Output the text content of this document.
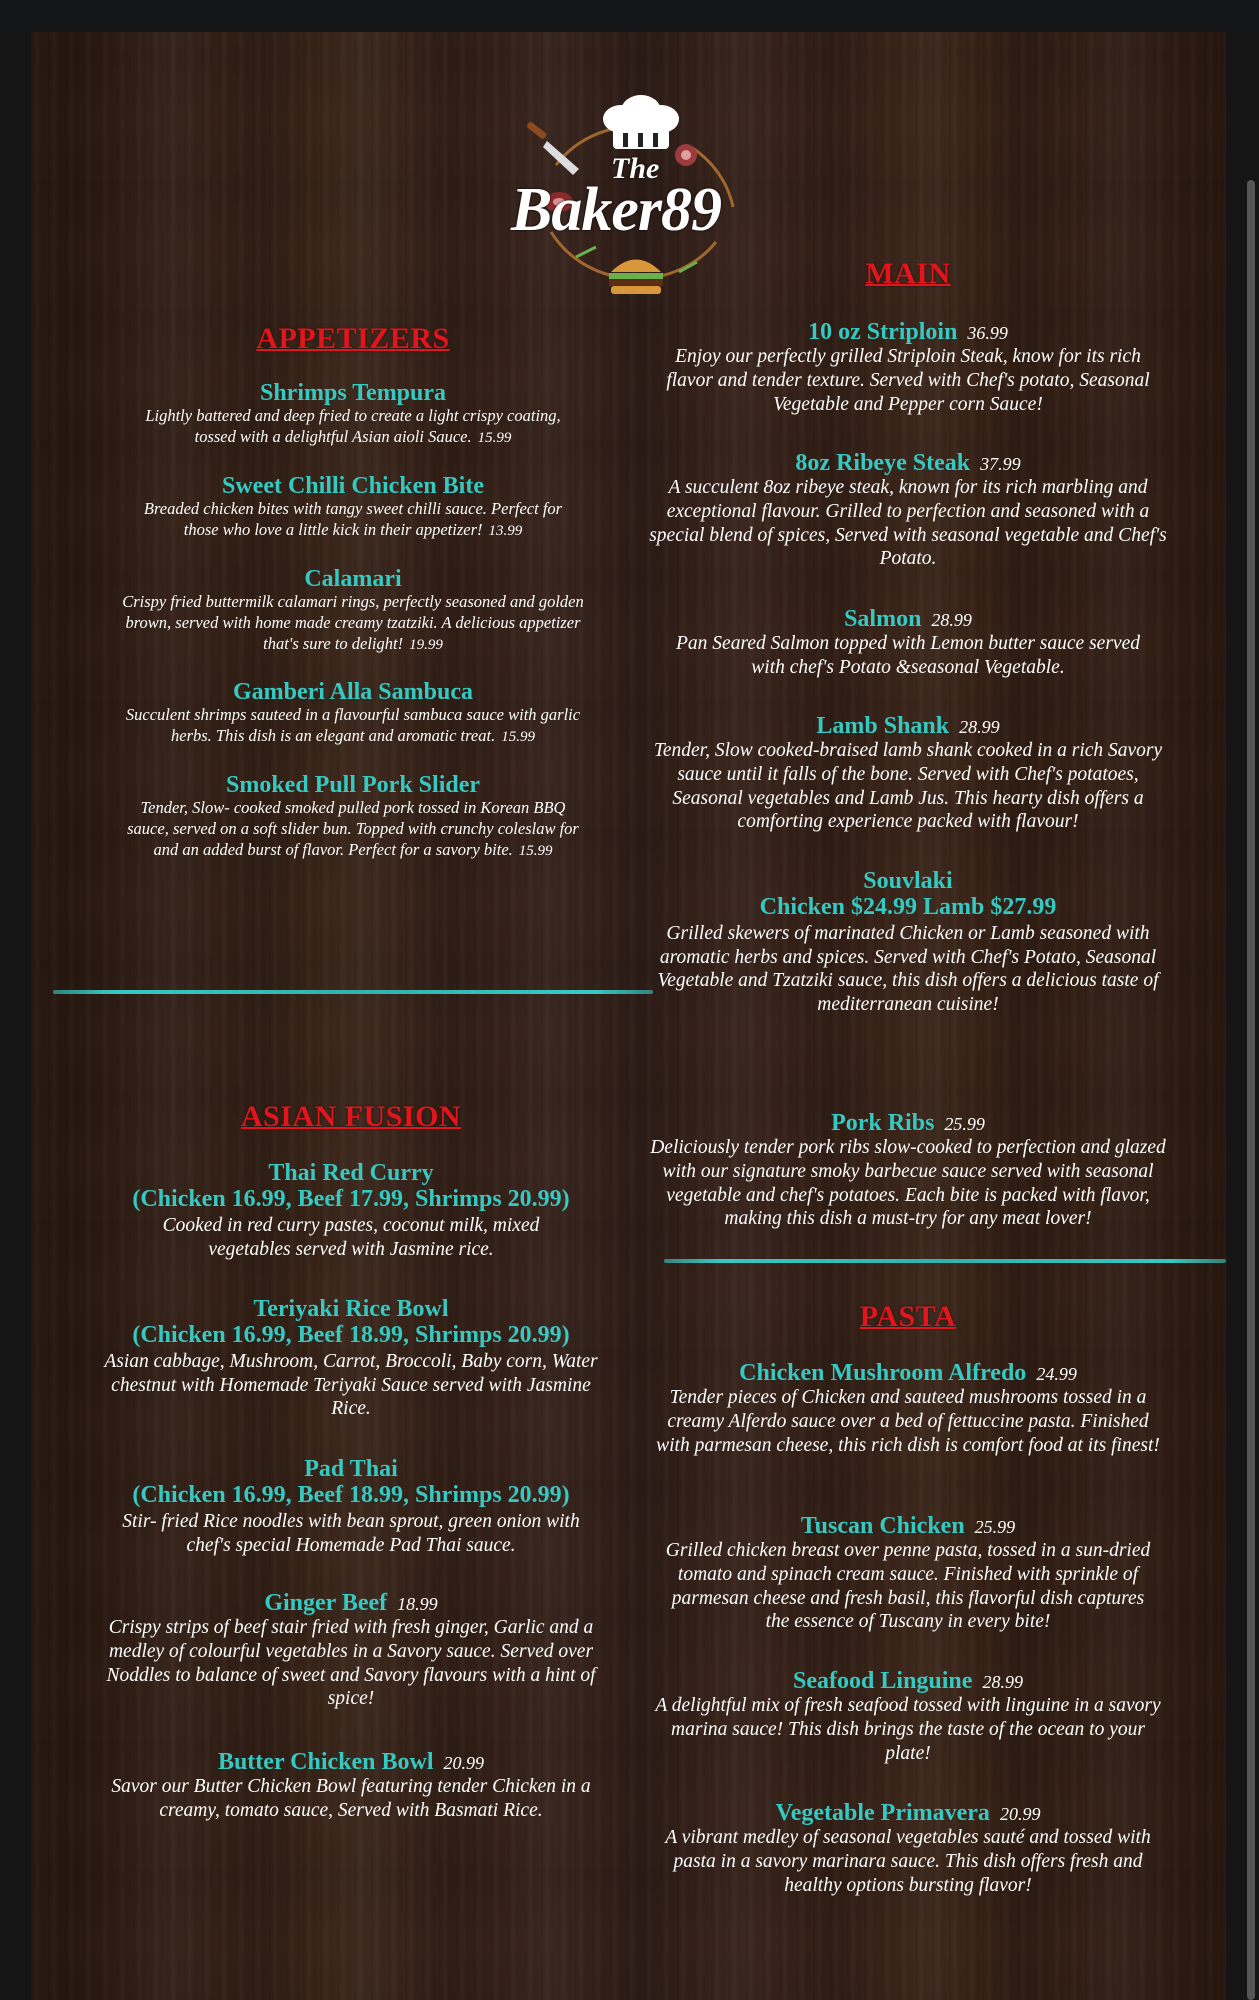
The
Baker89
APPETIZERS
Shrimps Tempura
Lightly battered and deep fried to create a light crispy coating, tossed with a delightful Asian aioli Sauce. 15.99
Sweet Chilli Chicken Bite
Breaded chicken bites with tangy sweet chilli sauce. Perfect for those who love a little kick in their appetizer! 13.99
Calamari
Crispy fried buttermilk calamari rings, perfectly seasoned and golden brown, served with home made creamy tzatziki. A delicious appetizer that's sure to delight! 19.99
Gamberi Alla Sambuca
Succulent shrimps sauteed in a flavourful sambuca sauce with garlic herbs. This dish is an elegant and aromatic treat. 15.99
Smoked Pull Pork Slider
Tender, Slow- cooked smoked pulled pork tossed in Korean BBQ sauce, served on a soft slider bun. Topped with crunchy coleslaw for and an added burst of flavor. Perfect for a savory bite. 15.99
ASIAN FUSION
Thai Red Curry
(Chicken 16.99, Beef 17.99, Shrimps 20.99)
Cooked in red curry pastes, coconut milk, mixed vegetables served with Jasmine rice.
Teriyaki Rice Bowl
(Chicken 16.99, Beef 18.99, Shrimps 20.99)
Asian cabbage, Mushroom, Carrot, Broccoli, Baby corn, Water chestnut with Homemade Teriyaki Sauce served with Jasmine Rice.
Pad Thai
(Chicken 16.99, Beef 18.99, Shrimps 20.99)
Stir- fried Rice noodles with bean sprout, green onion with chef's special Homemade Pad Thai sauce.
Ginger Beef 18.99
Crispy strips of beef stair fried with fresh ginger, Garlic and a medley of colourful vegetables in a Savory sauce. Served over Noddles to balance of sweet and Savory flavours with a hint of spice!
Butter Chicken Bowl 20.99
Savor our Butter Chicken Bowl featuring tender Chicken in a creamy, tomato sauce, Served with Basmati Rice.
MAIN
10 oz Striploin 36.99
Enjoy our perfectly grilled Striploin Steak, know for its rich flavor and tender texture. Served with Chef's potato, Seasonal Vegetable and Pepper corn Sauce!
8oz Ribeye Steak 37.99
A succulent 8oz ribeye steak, known for its rich marbling and exceptional flavour. Grilled to perfection and seasoned with a special blend of spices, Served with seasonal vegetable and Chef's Potato.
Salmon 28.99
Pan Seared Salmon topped with Lemon butter sauce served with chef's Potato &seasonal Vegetable.
Lamb Shank 28.99
Tender, Slow cooked-braised lamb shank cooked in a rich Savory sauce until it falls of the bone. Served with Chef's potatoes, Seasonal vegetables and Lamb Jus. This hearty dish offers a comforting experience packed with flavour!
Souvlaki
Chicken $24.99 Lamb $27.99
Grilled skewers of marinated Chicken or Lamb seasoned with aromatic herbs and spices. Served with Chef's Potato, Seasonal Vegetable and Tzatziki sauce, this dish offers a delicious taste of mediterranean cuisine!
Pork Ribs 25.99
Deliciously tender pork ribs slow-cooked to perfection and glazed with our signature smoky barbecue sauce served with seasonal vegetable and chef's potatoes. Each bite is packed with flavor, making this dish a must-try for any meat lover!
PASTA
Chicken Mushroom Alfredo 24.99
Tender pieces of Chicken and sauteed mushrooms tossed in a creamy Alferdo sauce over a bed of fettuccine pasta. Finished with parmesan cheese, this rich dish is comfort food at its finest!
Tuscan Chicken 25.99
Grilled chicken breast over penne pasta, tossed in a sun-dried tomato and spinach cream sauce. Finished with sprinkle of parmesan cheese and fresh basil, this flavorful dish captures the essence of Tuscany in every bite!
Seafood Linguine 28.99
A delightful mix of fresh seafood tossed with linguine in a savory marina sauce! This dish brings the taste of the ocean to your plate!
Vegetable Primavera 20.99
A vibrant medley of seasonal vegetables sauté and tossed with pasta in a savory marinara sauce. This dish offers fresh and healthy options bursting flavor!
